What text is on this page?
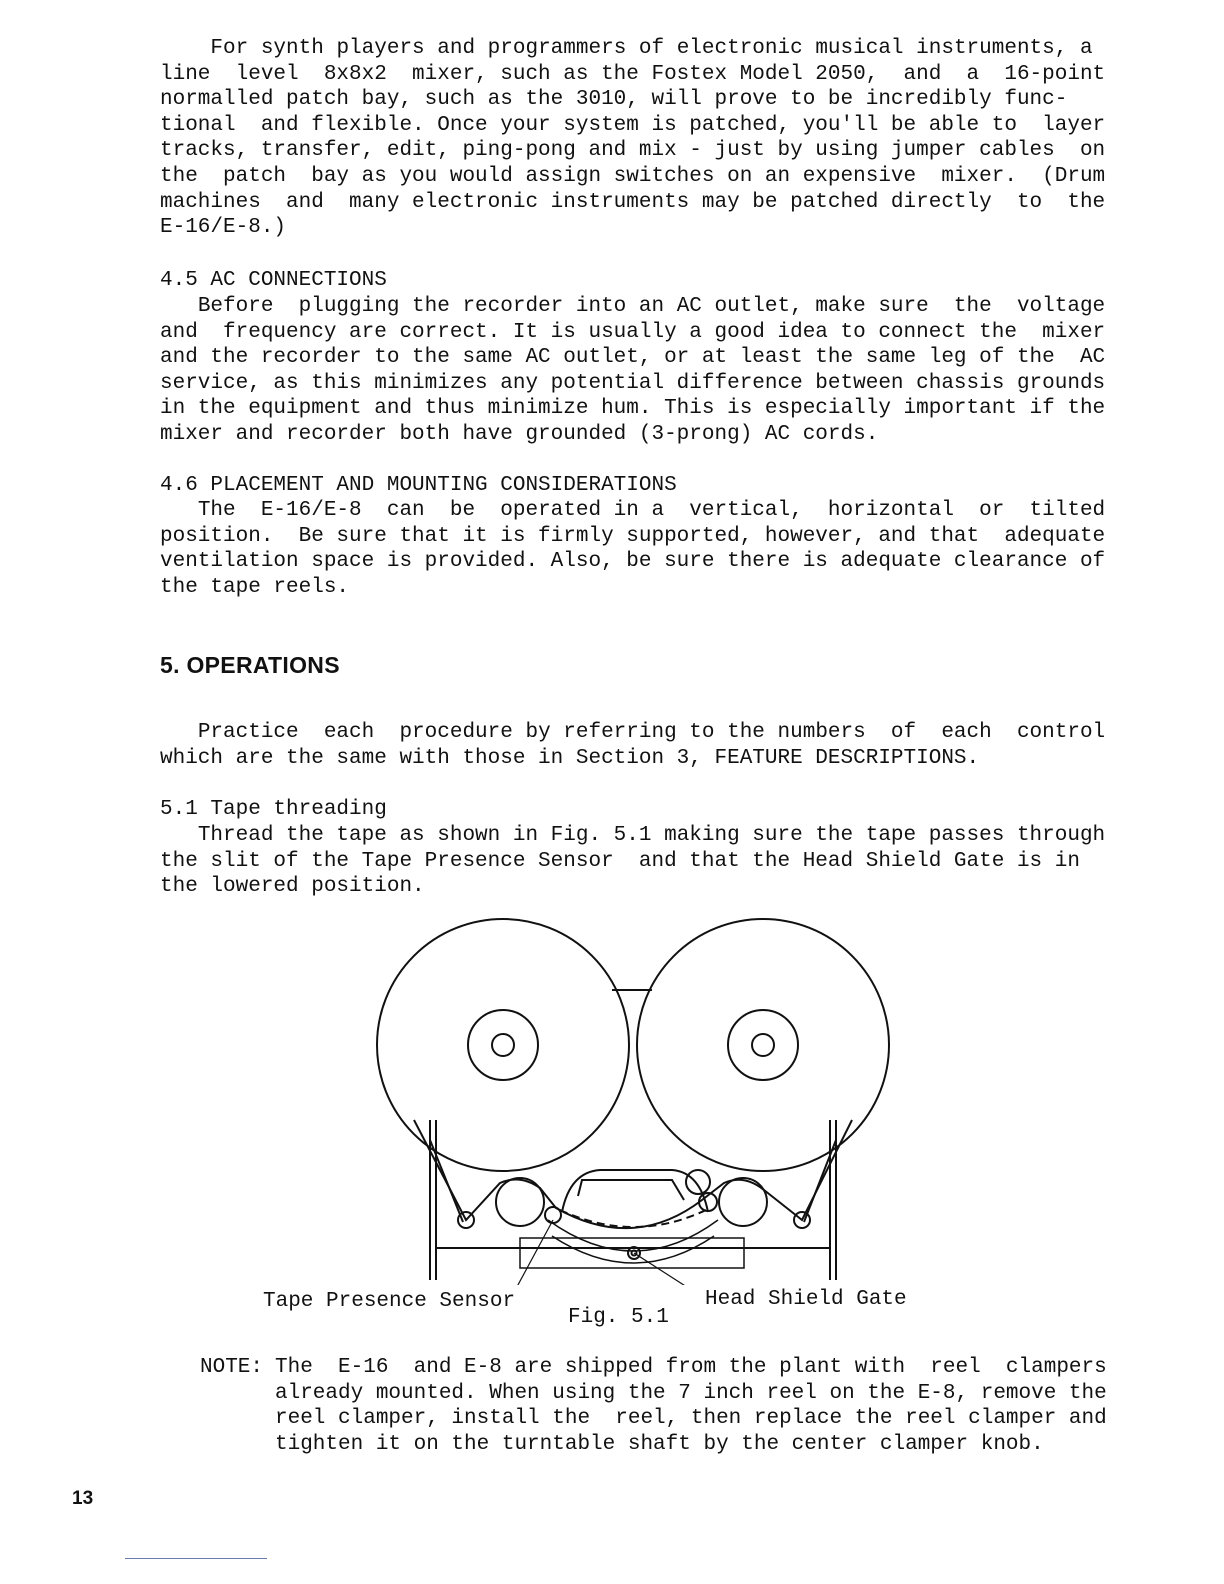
For synth players and programmers of electronic musical instruments, a
line  level  8x8x2  mixer, such as the Fostex Model 2050,  and  a  16-point
normalled patch bay, such as the 3010, will prove to be incredibly func-
tional  and flexible. Once your system is patched, you'll be able to  layer
tracks, transfer, edit, ping-pong and mix - just by using jumper cables  on
the  patch  bay as you would assign switches on an expensive  mixer.  (Drum
machines  and  many electronic instruments may be patched directly  to  the
E-16/E-8.)

4.5 AC CONNECTIONS

Before  plugging the recorder into an AC outlet, make sure  the  voltage
and  frequency are correct. It is usually a good idea to connect the  mixer
and the recorder to the same AC outlet, or at least the same leg of the  AC
service, as this minimizes any potential difference between chassis grounds
in the equipment and thus minimize hum. This is especially important if the
mixer and recorder both have grounded (3-prong) AC cords.

4.6 PLACEMENT AND MOUNTING CONSIDERATIONS

The  E-16/E-8  can  be  operated in a  vertical,  horizontal  or  tilted
position.  Be sure that it is firmly supported, however, and that  adequate
ventilation space is provided. Also, be sure there is adequate clearance of
the tape reels.

5. OPERATIONS

Practice  each  procedure by referring to the numbers  of  each  control
which are the same with those in Section 3, FEATURE DESCRIPTIONS.

5.1 Tape threading

Thread the tape as shown in Fig. 5.1 making sure the tape passes through
the slit of the Tape Presence Sensor  and that the Head Shield Gate is in
the lowered position.

Tape Presence Sensor	Head Shield Gate
Fig. 5.1
NOTE: The  E-16  and E-8 are shipped from the plant with  reel  clampers
already mounted. When using the 7 inch reel on the E-8, remove the
reel clamper, install the  reel, then replace the reel clamper and
tighten it on the turntable shaft by the center clamper knob.

13
